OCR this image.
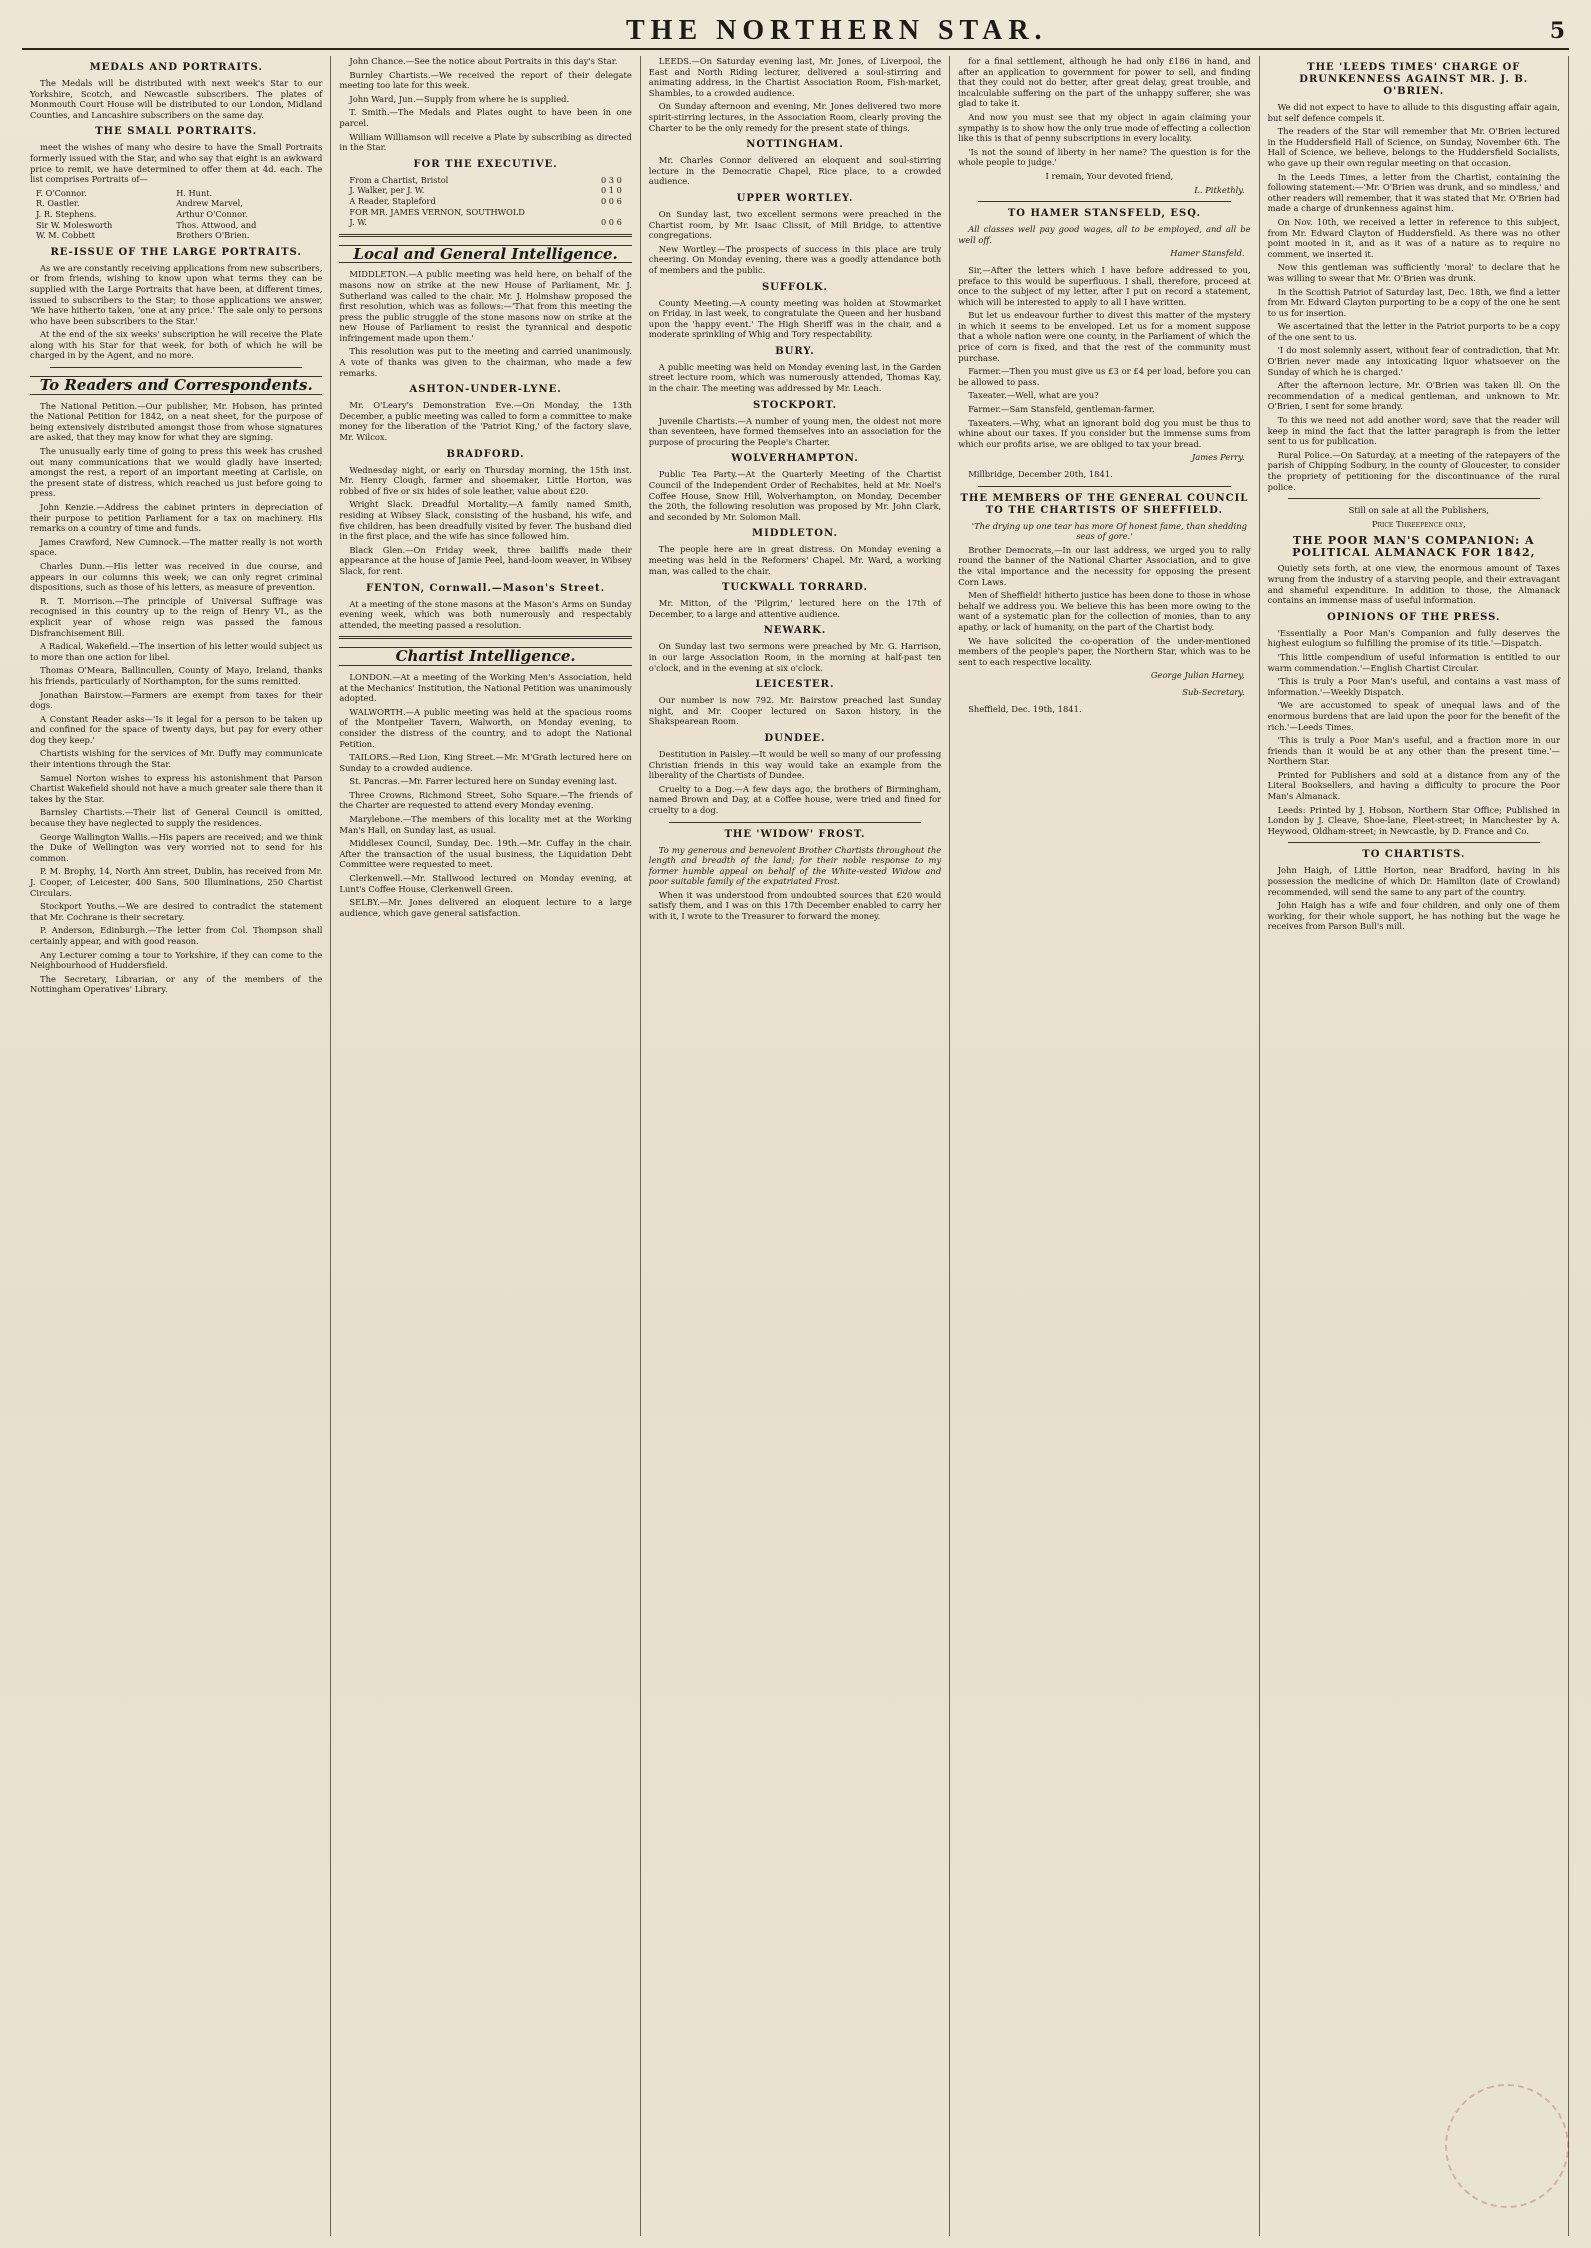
THE NORTHERN STAR.	5
MEDALS AND PORTRAITS.

The Medals will be distributed with next week's Star to our Yorkshire, Scotch, and Newcastle subscribers. The plates of Monmouth Court House will be distributed to our London, Midland Counties, and Lancashire subscribers on the same day.

THE SMALL PORTRAITS.

meet the wishes of many who desire to have the Small Portraits formerly issued with the Star, and who say that eight is an awkward price to remit, we have determined to offer them at 4d. each. The list comprises Portraits of—

F. O'Connor.	H. Hunt.
R. Oastler.	Andrew Marvel,
J. R. Stephens.	Arthur O'Connor.
Sir W. Molesworth	Thos. Attwood, and
W. M. Cobbett	Brothers O'Brien.
RE-ISSUE OF THE LARGE PORTRAITS.

As we are constantly receiving applications from new subscribers, or from friends, wishing to know upon what terms they can be supplied with the Large Portraits that have been, at different times, issued to subscribers to the Star; to those applications we answer, 'We have hitherto taken, 'one at any price.' The sale only to persons who have been subscribers to the Star.'

At the end of the six weeks' subscription he will receive the Plate along with his Star for that week, for both of which he will be charged in by the Agent, and no more.

To Readers and Correspondents.

The National Petition.—Our publisher, Mr. Hobson, has printed the National Petition for 1842, on a neat sheet, for the purpose of being extensively distributed amongst those from whose signatures are asked, that they may know for what they are signing.

The unusually early time of going to press this week has crushed out many communications that we would gladly have inserted; amongst the rest, a report of an important meeting at Carlisle, on the present state of distress, which reached us just before going to press.

John Kenzie.—Address the cabinet printers in depreciation of their purpose to petition Parliament for a tax on machinery. His remarks on a country of time and funds.

James Crawford, New Cumnock.—The matter really is not worth space.

Charles Dunn.—His letter was received in due course, and appears in our columns this week; we can only regret criminal dispositions, such as those of his letters, as measure of prevention.

R. T. Morrison.—The principle of Universal Suffrage was recognised in this country up to the reign of Henry VI., as the explicit year of whose reign was passed the famous Disfranchisement Bill.

A Radical, Wakefield.—The insertion of his letter would subject us to more than one action for libel.

Thomas O'Meara, Ballincullen, County of Mayo, Ireland, thanks his friends, particularly of Northampton, for the sums remitted.

Jonathan Bairstow.—Farmers are exempt from taxes for their dogs.

A Constant Reader asks—'Is it legal for a person to be taken up and confined for the space of twenty days, but pay for every other dog they keep.'

Chartists wishing for the services of Mr. Duffy may communicate their intentions through the Star.

Samuel Norton wishes to express his astonishment that Parson Chartist Wakefield should not have a much greater sale there than it takes by the Star.

Barnsley Chartists.—Their list of General Council is omitted, because they have neglected to supply the residences.

George Wallington Wallis.—His papers are received; and we think the Duke of Wellington was very worried not to send for his common.

P. M. Brophy, 14, North Ann street, Dublin, has received from Mr. J. Cooper, of Leicester, 400 Sans, 500 Illuminations, 250 Chartist Circulars.

Stockport Youths.—We are desired to contradict the statement that Mr. Cochrane is their secretary.

P. Anderson, Edinburgh.—The letter from Col. Thompson shall certainly appear, and with good reason.

Any Lecturer coming a tour to Yorkshire, if they can come to the Neighbourhood of Huddersfield.

The Secretary, Librarian, or any of the members of the Nottingham Operatives' Library.

John Chance.—See the notice about Portraits in this day's Star.

Burnley Chartists.—We received the report of their delegate meeting too late for this week.

John Ward, Jun.—Supply from where he is supplied.

T. Smith.—The Medals and Plates ought to have been in one parcel.

William Williamson will receive a Plate by subscribing as directed in the Star.

FOR THE EXECUTIVE.
From a Chartist, Bristol	0 3 0
J. Walker, per J. W.	0 1 0
A Reader, Stapleford	0 0 6
FOR MR. JAMES VERNON, SOUTHWOLD
J. W.	0 0 6
Local and General Intelligence.

MIDDLETON.—A public meeting was held here, on behalf of the masons now on strike at the new House of Parliament, Mr. J. Sutherland was called to the chair. Mr. J. Holmshaw proposed the first resolution, which was as follows:—'That from this meeting the press the public struggle of the stone masons now on strike at the new House of Parliament to resist the tyrannical and despotic infringement made upon them.'

This resolution was put to the meeting and carried unanimously. A vote of thanks was given to the chairman, who made a few remarks.

ASHTON-UNDER-LYNE.

Mr. O'Leary's Demonstration Eve.—On Monday, the 13th December, a public meeting was called to form a committee to make money for the liberation of the 'Patriot King,' of the factory slave, Mr. Wilcox.

BRADFORD.

Wednesday night, or early on Thursday morning, the 15th inst. Mr. Henry Clough, farmer and shoemaker, Little Horton, was robbed of five or six hides of sole leather, value about £20.

Wright Slack. Dreadful Mortality.—A family named Smith, residing at Wibsey Slack, consisting of the husband, his wife, and five children, has been dreadfully visited by fever. The husband died in the first place, and the wife has since followed him.

Black Glen.—On Friday week, three bailiffs made their appearance at the house of Jamie Peel, hand-loom weaver, in Wibsey Slack, for rent.

FENTON, Cornwall.—Mason's Street.

At a meeting of the stone masons at the Mason's Arms on Sunday evening week, which was both numerously and respectably attended, the meeting passed a resolution.

Chartist Intelligence.

LONDON.—At a meeting of the Working Men's Association, held at the Mechanics' Institution, the National Petition was unanimously adopted.

WALWORTH.—A public meeting was held at the spacious rooms of the Montpelier Tavern, Walworth, on Monday evening, to consider the distress of the country, and to adopt the National Petition.

TAILORS.—Red Lion, King Street.—Mr. M'Grath lectured here on Sunday to a crowded audience.

St. Pancras.—Mr. Farrer lectured here on Sunday evening last.

Three Crowns, Richmond Street, Soho Square.—The friends of the Charter are requested to attend every Monday evening.

Marylebone.—The members of this locality met at the Working Man's Hall, on Sunday last, as usual.

Middlesex Council, Sunday, Dec. 19th.—Mr. Cuffay in the chair. After the transaction of the usual business, the Liquidation Debt Committee were requested to meet.

Clerkenwell.—Mr. Stallwood lectured on Monday evening, at Lunt's Coffee House, Clerkenwell Green.

SELBY.—Mr. Jones delivered an eloquent lecture to a large audience, which gave general satisfaction.

LEEDS.—On Saturday evening last, Mr. Jones, of Liverpool, the East and North Riding lecturer, delivered a soul-stirring and animating address, in the Chartist Association Room, Fish-market, Shambles, to a crowded audience.

On Sunday afternoon and evening, Mr. Jones delivered two more spirit-stirring lectures, in the Association Room, clearly proving the Charter to be the only remedy for the present state of things.

NOTTINGHAM.

Mr. Charles Connor delivered an eloquent and soul-stirring lecture in the Democratic Chapel, Rice place, to a crowded audience.

UPPER WORTLEY.

On Sunday last, two excellent sermons were preached in the Chartist room, by Mr. Isaac Clissit, of Mill Bridge, to attentive congregations.

New Wortley.—The prospects of success in this place are truly cheering. On Monday evening, there was a goodly attendance both of members and the public.

SUFFOLK.

County Meeting.—A county meeting was holden at Stowmarket on Friday, in last week, to congratulate the Queen and her husband upon the 'happy event.' The High Sheriff was in the chair, and a moderate sprinkling of Whig and Tory respectability.

BURY.

A public meeting was held on Monday evening last, in the Garden street lecture room, which was numerously attended, Thomas Kay, in the chair. The meeting was addressed by Mr. Leach.

STOCKPORT.

Juvenile Chartists.—A number of young men, the oldest not more than seventeen, have formed themselves into an association for the purpose of procuring the People's Charter.

WOLVERHAMPTON.

Public Tea Party.—At the Quarterly Meeting of the Chartist Council of the Independent Order of Rechabites, held at Mr. Noel's Coffee House, Snow Hill, Wolverhampton, on Monday, December the 20th, the following resolution was proposed by Mr. John Clark, and seconded by Mr. Solomon Mall.

MIDDLETON.

The people here are in great distress. On Monday evening a meeting was held in the Reformers' Chapel. Mr. Ward, a working man, was called to the chair.

TUCKWALL TORRARD.

Mr. Mitton, of the 'Pilgrim,' lectured here on the 17th of December, to a large and attentive audience.

NEWARK.

On Sunday last two sermons were preached by Mr. G. Harrison, in our large Association Room, in the morning at half-past ten o'clock, and in the evening at six o'clock.

LEICESTER.

Our number is now 792. Mr. Bairstow preached last Sunday night, and Mr. Cooper lectured on Saxon history, in the Shakspearean Room.

DUNDEE.

Destitution in Paisley.—It would be well so many of our professing Christian friends in this way would take an example from the liberality of the Chartists of Dundee.

Cruelty to a Dog.—A few days ago, the brothers of Birmingham, named Brown and Day, at a Coffee house, were tried and fined for cruelty to a dog.

THE 'WIDOW' FROST.

To my generous and benevolent Brother Chartists throughout the length and breadth of the land; for their noble response to my former humble appeal on behalf of the White-vested Widow and poor suitable family of the expatriated Frost.

When it was understood from undoubted sources that £20 would satisfy them, and I was on this 17th December enabled to carry her with it, I wrote to the Treasurer to forward the money.

for a final settlement, although he had only £186 in hand, and after an application to government for power to sell, and finding that they could not do better, after great delay, great trouble, and incalculable suffering on the part of the unhappy sufferer, she was glad to take it.

And now you must see that my object in again claiming your sympathy is to show how the only true mode of effecting a collection like this is that of penny subscriptions in every locality.

'Is not the sound of liberty in her name? The question is for the whole people to judge.'

I remain, Your devoted friend,

L. Pitkethly.
TO HAMER STANSFELD, ESQ.

All classes well pay good wages, all to be employed, and all be well off.

Hamer Stansfeld.

Sir,—After the letters which I have before addressed to you, preface to this would be superfluous. I shall, therefore, proceed at once to the subject of my letter, after I put on record a statement, which will be interested to apply to all I have written.

But let us endeavour further to divest this matter of the mystery in which it seems to be enveloped. Let us for a moment suppose that a whole nation were one county, in the Parliament of which the price of corn is fixed, and that the rest of the community must purchase.

Farmer.—Then you must give us £3 or £4 per load, before you can be allowed to pass.

Taxeater.—Well, what are you?

Farmer.—Sam Stansfeld, gentleman-farmer.

Taxeaters.—Why, what an ignorant bold dog you must be thus to whine about our taxes. If you consider but the immense sums from which our profits arise, we are obliged to tax your bread.

James Perry.

Millbridge, December 20th, 1841.

THE MEMBERS OF THE GENERAL COUNCIL TO THE CHARTISTS OF SHEFFIELD.

'The drying up one tear has more Of honest fame, than shedding seas of gore.'

Brother Democrats,—In our last address, we urged you to rally round the banner of the National Charter Association, and to give the vital importance and the necessity for opposing the present Corn Laws.

Men of Sheffield! hitherto justice has been done to those in whose behalf we address you. We believe this has been more owing to the want of a systematic plan for the collection of monies, than to any apathy, or lack of humanity, on the part of the Chartist body.

We have solicited the co-operation of the under-mentioned members of the people's paper, the Northern Star, which was to be sent to each respective locality.

George Julian Harney,
Sub-Secretary.

Sheffield, Dec. 19th, 1841.

THE 'LEEDS TIMES' CHARGE OF DRUNKENNESS AGAINST MR. J. B. O'BRIEN.

We did not expect to have to allude to this disgusting affair again, but self defence compels it.

The readers of the Star will remember that Mr. O'Brien lectured in the Huddersfield Hall of Science, on Sunday, November 6th. The Hall of Science, we believe, belongs to the Huddersfield Socialists, who gave up their own regular meeting on that occasion.

In the Leeds Times, a letter from the Chartist, containing the following statement:—'Mr. O'Brien was drunk, and so mindless,' and other readers will remember, that it was stated that Mr. O'Brien had made a charge of drunkenness against him.

On Nov. 10th, we received a letter in reference to this subject, from Mr. Edward Clayton of Huddersfield. As there was no other point mooted in it, and as it was of a nature as to require no comment, we inserted it.

Now this gentleman was sufficiently 'moral' to declare that he was willing to swear that Mr. O'Brien was drunk.

In the Scottish Patriot of Saturday last, Dec. 18th, we find a letter from Mr. Edward Clayton purporting to be a copy of the one he sent to us for insertion.

We ascertained that the letter in the Patriot purports to be a copy of the one sent to us.

'I do most solemnly assert, without fear of contradiction, that Mr. O'Brien never made any intoxicating liquor whatsoever on the Sunday of which he is charged.'

After the afternoon lecture, Mr. O'Brien was taken ill. On the recommendation of a medical gentleman, and unknown to Mr. O'Brien, I sent for some brandy.

To this we need not add another word; save that the reader will keep in mind the fact that the latter paragraph is from the letter sent to us for publication.

Rural Police.—On Saturday, at a meeting of the ratepayers of the parish of Chipping Sodbury, in the county of Gloucester, to consider the propriety of petitioning for the discontinuance of the rural police.

Still on sale at all the Publishers,

Price Threepence only,

THE POOR MAN'S COMPANION: A POLITICAL ALMANACK FOR 1842,

Quietly sets forth, at one view, the enormous amount of Taxes wrung from the industry of a starving people, and their extravagant and shameful expenditure. In addition to those, the Almanack contains an immense mass of useful information.

OPINIONS OF THE PRESS.

'Essentially a Poor Man's Companion and fully deserves the highest eulogium so fulfilling the promise of its title.'—Dispatch.

'This little compendium of useful information is entitled to our warm commendation.'—English Chartist Circular.

'This is truly a Poor Man's useful, and contains a vast mass of information.'—Weekly Dispatch.

'We are accustomed to speak of unequal laws and of the enormous burdens that are laid upon the poor for the benefit of the rich.'—Leeds Times.

'This is truly a Poor Man's useful, and a fraction more in our friends than it would be at any other than the present time.'—Northern Star.

Printed for Publishers and sold at a distance from any of the Literal Booksellers, and having a difficulty to procure the Poor Man's Almanack.

Leeds: Printed by J. Hobson, Northern Star Office; Published in London by J. Cleave, Shoe-lane, Fleet-street; in Manchester by A. Heywood, Oldham-street; in Newcastle, by D. France and Co.

TO CHARTISTS.

John Haigh, of Little Horton, near Bradford, having in his possession the medicine of which Dr. Hamilton (late of Crowland) recommended, will send the same to any part of the country.

John Haigh has a wife and four children, and only one of them working, for their whole support, he has nothing but the wage he receives from Parson Bull's mill.
